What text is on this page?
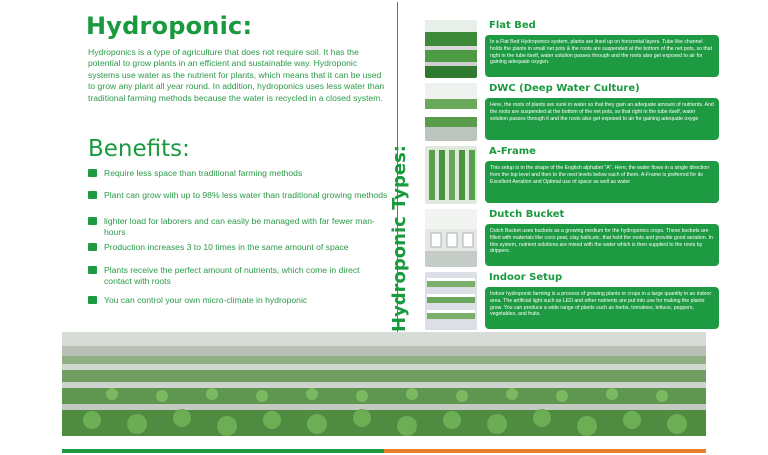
Hydroponic:

Hydroponics is a type of agriculture that does not require soil. It has the potential to grow plants in an efficient and sustainable way. Hydroponic systems use water as the nutrient for plants, which means that it can be used to grow any plant all year round. In addition, hydroponics uses less water than traditional farming methods because the water is recycled in a closed system.

Benefits:
Require less space than traditional farming methods
Plant can grow with up to 98% less water than traditional growing methods
lighter load for laborers and can easily be managed with far fewer man-hours
Production increases 3 to 10 times in the same amount of space
Plants receive the perfect amount of nutrients, which come in direct contact with roots
You can control your own micro-climate in hydroponic	Hydroponic Types:
Flat Bed
In a Flat Bed Hydroponics system, plants are lined up on horizontal layers. Tube like channel holds the plants in small net pots & the roots are suspended at the bottom of the net pots, so that right in the tube itself, water solution passes through and the roots also get exposed to air for gaining adequate oxygen.
DWC (Deep Water Culture)
Here, the roots of plants are sunk in water so that they gain an adequate amount of nutrients. And the roots are suspended at the bottom of the net pots, so that right in the tube itself, water solution passes through it and the roots also get exposed to air for gaining adequate oxyge
A-Frame
This setup is in the shape of the English alphabet "A". Here, the water flows in a single direction from the top level and then to the next levels below each of them. A-Frame is preferred for its Excellent Aeration and Optimal use of space as well as water
Dutch Bucket
Dutch Bucket uses buckets as a growing medium for the hydroponics crops. These buckets are filled with materials like coco peat, clay balls,etc. that hold the roots and provide good aeration. In this system, nutrient solutions are mixed with the water which is then supplied to the roots by drippers.
Indoor Setup
Indoor hydroponic farming is a process of growing plants or crops in a large quantity in an indoor area. The artificial light such as LED and other nutrients are put into use for making the plants grow. You can produce a wide range of plants such as herbs, tomatoes, lettuce, peppers, vegetables, and fruits.
